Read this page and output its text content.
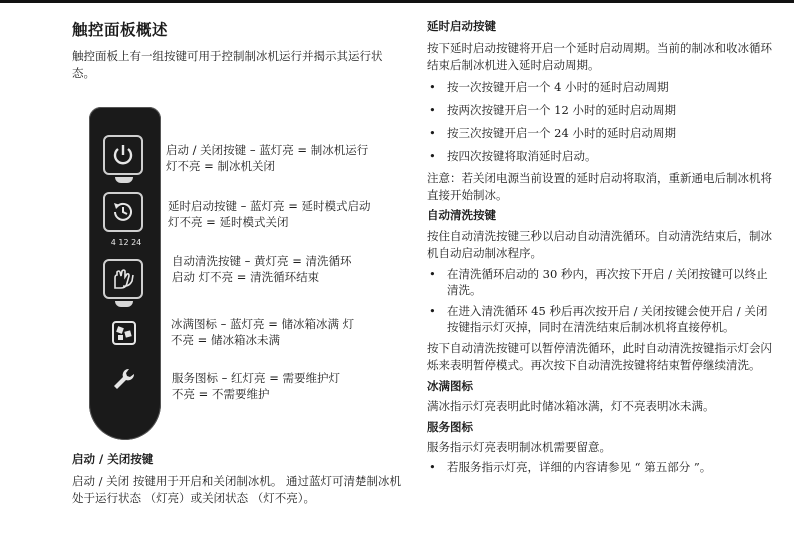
触控面板概述

触控面板上有一组按键可用于控制制冰机运行并揭示其运行状态。

4 12 24
启动 / 关闭按键 – 蓝灯亮 = 制冰机运行
灯不亮 = 制冰机关闭
延时启动按键 – 蓝灯亮 = 延时模式启动
灯不亮 = 延时模式关闭
自动清洗按键 – 黄灯亮 = 清洗循环
启动 灯不亮 = 清洗循环结束
冰满图标 – 蓝灯亮 = 储冰箱冰满 灯
不亮 = 储冰箱冰未满
服务图标 – 红灯亮 = 需要维护灯
不亮 = 不需要维护
启动 / 关闭按键

启动 / 关闭 按键用于开启和关闭制冰机。 通过蓝灯可清楚制冰机处于运行状态 （灯亮）或关闭状态 （灯不亮）。

延时启动按键

按下延时启动按键将开启一个延时启动周期。当前的制冰和收冰循环结束后制冰机进入延时启动周期。

• 按一次按键开启一个 4 小时的延时启动周期
• 按两次按键开启一个 12 小时的延时启动周期
• 按三次按键开启一个 24 小时的延时启动周期
• 按四次按键将取消延时启动。

注意：若关闭电源当前设置的延时启动将取消，重新通电后制冰机将直接开始制冰。

自动清洗按键

按住自动清洗按键三秒以启动自动清洗循环。自动清洗结束后，制冰机自动启动制冰程序。

• 在清洗循环启动的 30 秒内，再次按下开启 / 关闭按键可以终止清洗。
• 在进入清洗循环 45 秒后再次按开启 / 关闭按键会使开启 / 关闭按键指示灯灭掉，同时在清洗结束后制冰机将直接停机。

按下自动清洗按键可以暂停清洗循环，此时自动清洗按键指示灯会闪烁来表明暂停模式。再次按下自动清洗按键将结束暂停继续清洗。

冰满图标

满冰指示灯亮表明此时储冰箱冰满，灯不亮表明冰未满。

服务图标

服务指示灯亮表明制冰机需要留意。

• 若服务指示灯亮，详细的内容请参见 “ 第五部分 ”。
